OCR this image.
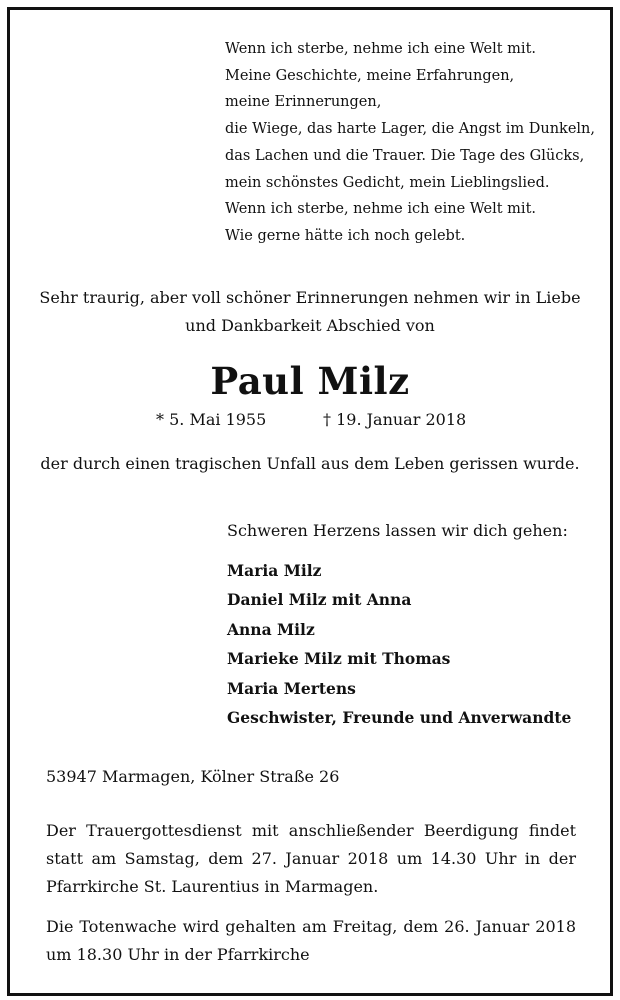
Wenn ich sterbe, nehme ich eine Welt mit.
Meine Geschichte, meine Erfahrungen,
meine Erinnerungen,
die Wiege, das harte Lager, die Angst im Dunkeln,
das Lachen und die Trauer. Die Tage des Glücks,
mein schönstes Gedicht, mein Lieblingslied.
Wenn ich sterbe, nehme ich eine Welt mit.
Wie gerne hätte ich noch gelebt.
Sehr traurig, aber voll schöner Erinnerungen nehmen wir in Liebe
und Dankbarkeit Abschied von
Paul Milz
* 5. Mai 1955	† 19. Januar 2018
der durch einen tragischen Unfall aus dem Leben gerissen wurde.
Schweren Herzens lassen wir dich gehen:
Maria Milz
Daniel Milz mit Anna
Anna Milz
Marieke Milz mit Thomas
Maria Mertens
Geschwister, Freunde und Anverwandte
53947 Marmagen, Kölner Straße 26
Der Trauergottesdienst mit anschließender Beerdigung findet statt am Samstag, dem 27. Januar 2018 um 14.30 Uhr in der Pfarrkirche St. Laurentius in Marmagen.
Die Totenwache wird gehalten am Freitag, dem 26. Januar 2018 um 18.30 Uhr in der Pfarrkirche
